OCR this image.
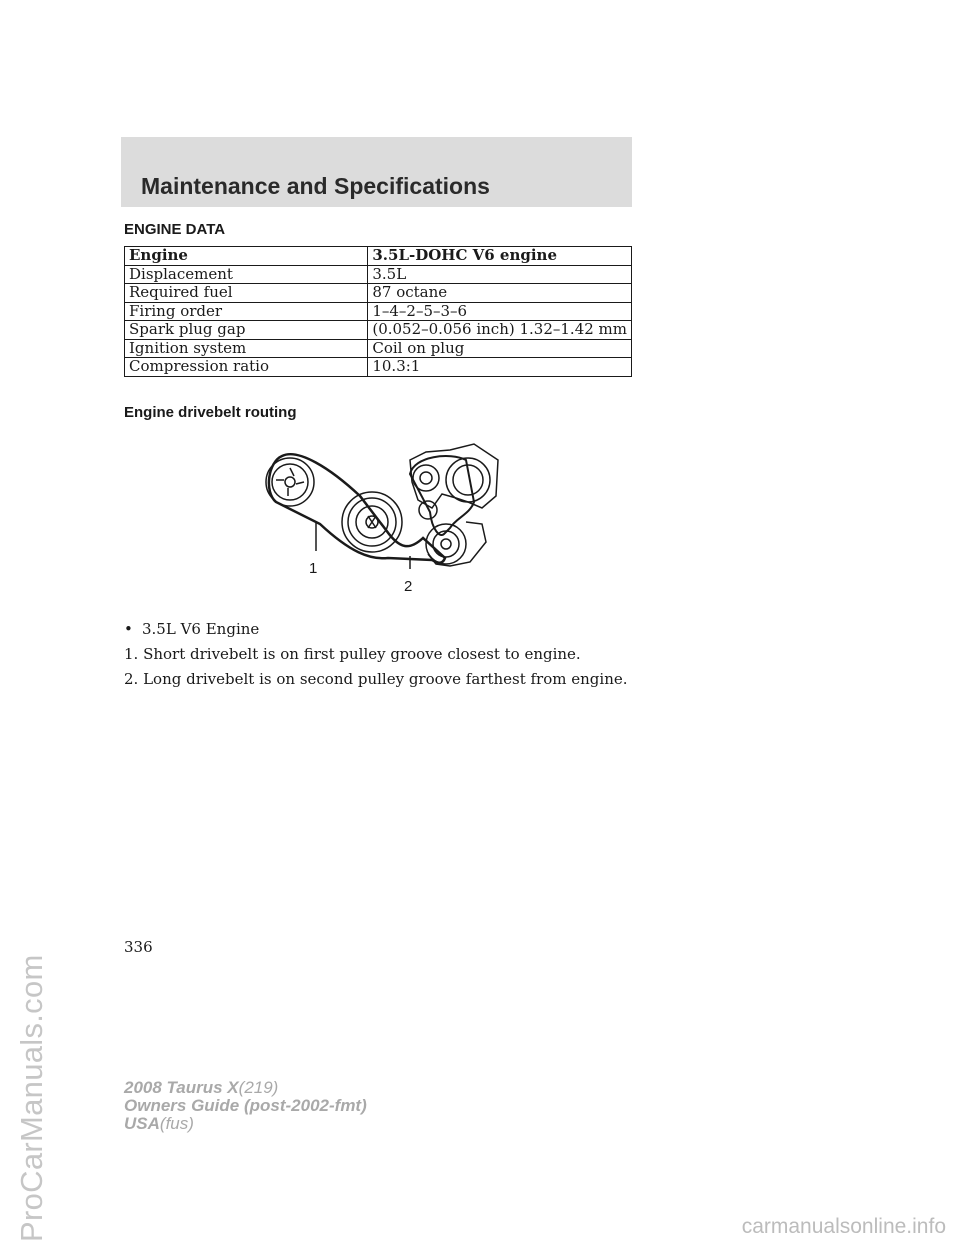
ProCarManuals.com
Maintenance and Specifications
ENGINE DATA
Engine	3.5L-DOHC V6 engine
Displacement	3.5L
Required fuel	87 octane
Firing order	1–4–2–5–3–6
Spark plug gap	(0.052–0.056 inch) 1.32–1.42 mm
Ignition system	Coil on plug
Compression ratio	10.3:1
Engine drivebelt routing
1
2
• 3.5L V6 Engine
1. Short drivebelt is on first pulley groove closest to engine.
2. Long drivebelt is on second pulley groove farthest from engine.
336
2008 Taurus X(219)
Owners Guide (post-2002-fmt)
USA(fus)
carmanualsonline.info
